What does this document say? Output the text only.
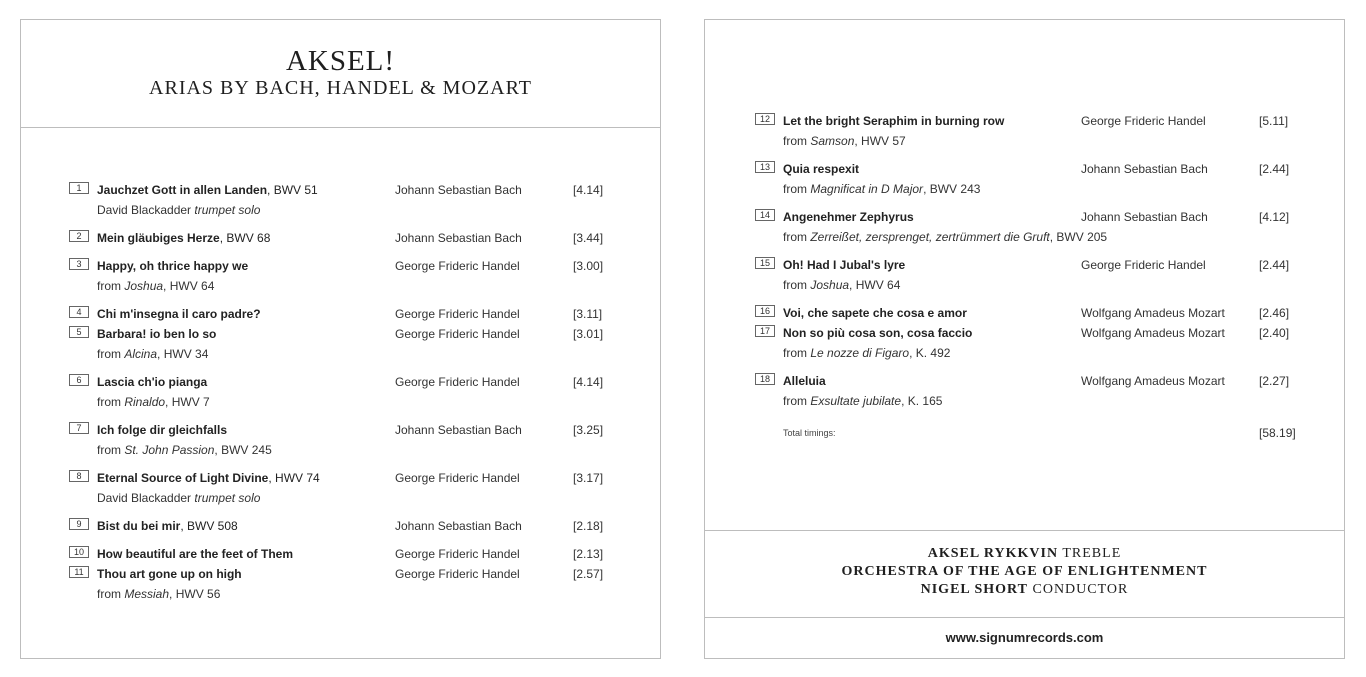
AKSEL!
ARIAS BY BACH, HANDEL & MOZART
1	Jauchzet Gott in allen Landen, BWV 51	Johann Sebastian Bach	[4.14]
David Blackadder trumpet solo
2	Mein gläubiges Herze, BWV 68	Johann Sebastian Bach	[3.44]
3	Happy, oh thrice happy we	George Frideric Handel	[3.00]
from Joshua, HWV 64
4	Chi m'insegna il caro padre?	George Frideric Handel	[3.11]
5	Barbara! io ben lo so	George Frideric Handel	[3.01]
from Alcina, HWV 34
6	Lascia ch'io pianga	George Frideric Handel	[4.14]
from Rinaldo, HWV 7
7	Ich folge dir gleichfalls	Johann Sebastian Bach	[3.25]
from St. John Passion, BWV 245
8	Eternal Source of Light Divine, HWV 74	George Frideric Handel	[3.17]
David Blackadder trumpet solo
9	Bist du bei mir, BWV 508	Johann Sebastian Bach	[2.18]
10	How beautiful are the feet of Them	George Frideric Handel	[2.13]
11	Thou art gone up on high	George Frideric Handel	[2.57]
from Messiah, HWV 56
12	Let the bright Seraphim in burning row	George Frideric Handel	[5.11]
from Samson, HWV 57
13	Quia respexit	Johann Sebastian Bach	[2.44]
from Magnificat in D Major, BWV 243
14	Angenehmer Zephyrus	Johann Sebastian Bach	[4.12]
from Zerreißet, zersprenget, zertrümmert die Gruft, BWV 205
15	Oh! Had I Jubal's lyre	George Frideric Handel	[2.44]
from Joshua, HWV 64
16	Voi, che sapete che cosa e amor	Wolfgang Amadeus Mozart	[2.46]
17	Non so più cosa son, cosa faccio	Wolfgang Amadeus Mozart	[2.40]
from Le nozze di Figaro, K. 492
18	Alleluia	Wolfgang Amadeus Mozart	[2.27]
from Exsultate jubilate, K. 165
Total timings:	[58.19]
AKSEL RYKKVIN TREBLE
ORCHESTRA OF THE AGE OF ENLIGHTENMENT
NIGEL SHORT CONDUCTOR
www.signumrecords.com
